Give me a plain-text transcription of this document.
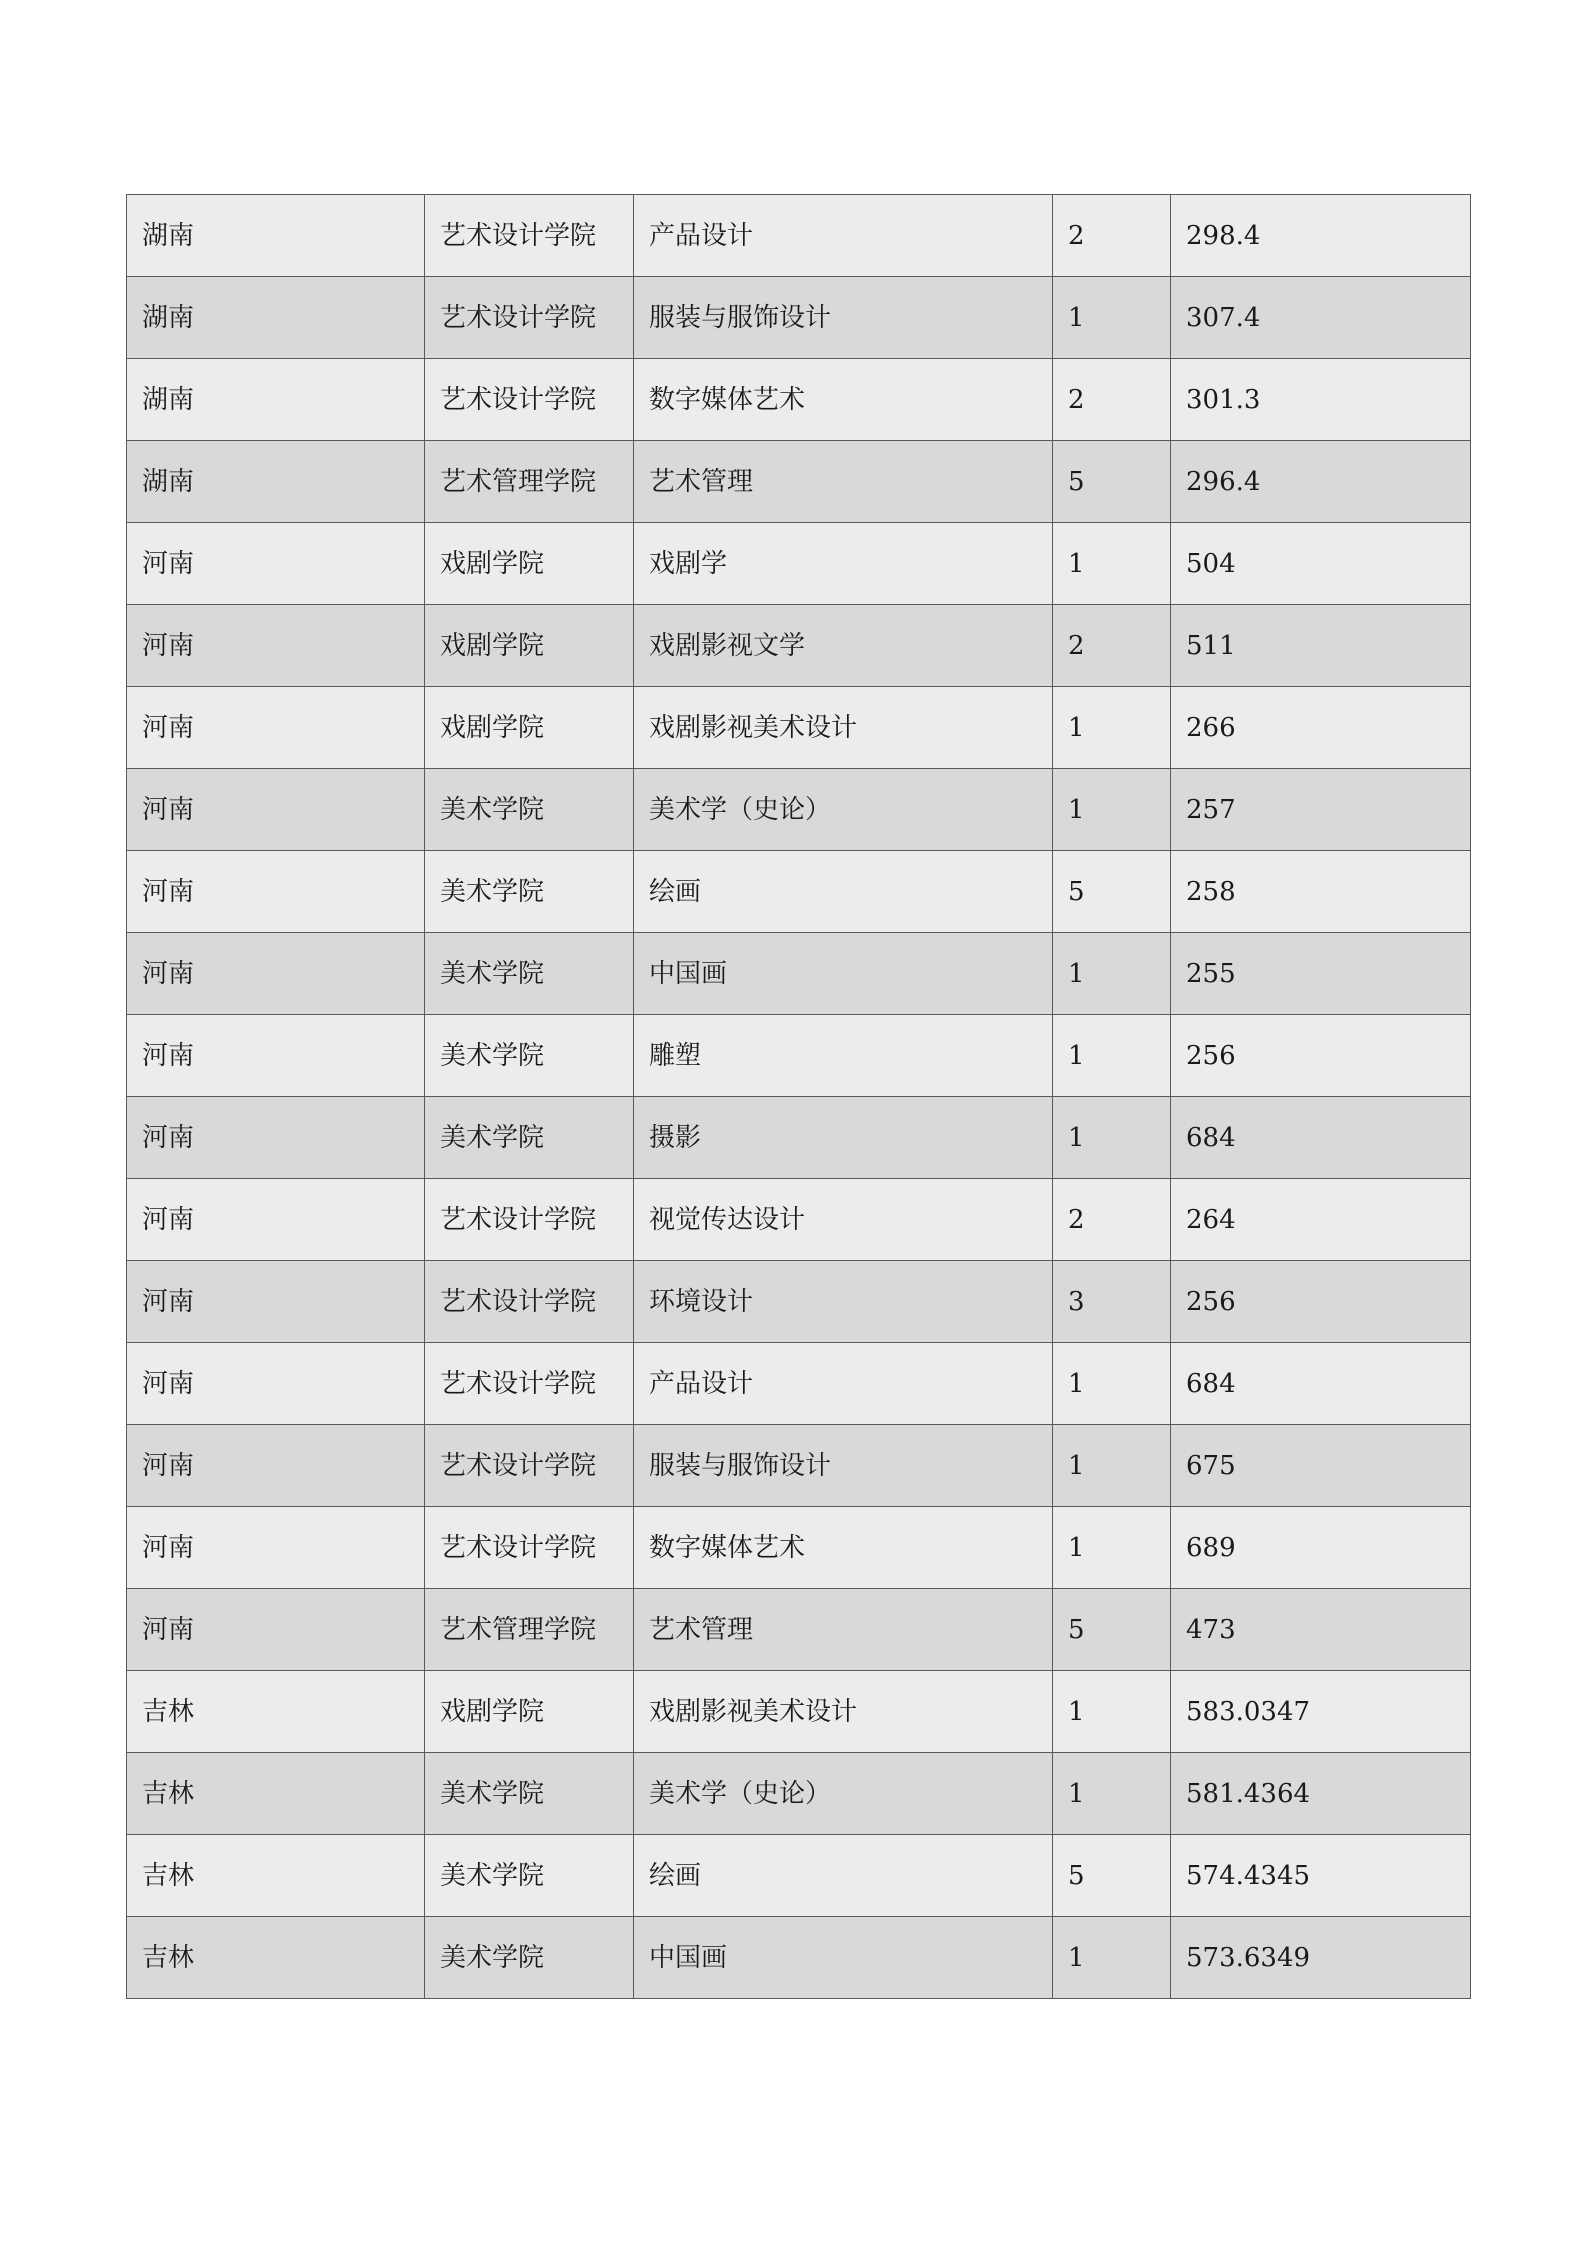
湖南	艺术设计学院	产品设计	2	298.4
湖南	艺术设计学院	服装与服饰设计	1	307.4
湖南	艺术设计学院	数字媒体艺术	2	301.3
湖南	艺术管理学院	艺术管理	5	296.4
河南	戏剧学院	戏剧学	1	504
河南	戏剧学院	戏剧影视文学	2	511
河南	戏剧学院	戏剧影视美术设计	1	266
河南	美术学院	美术学（史论）	1	257
河南	美术学院	绘画	5	258
河南	美术学院	中国画	1	255
河南	美术学院	雕塑	1	256
河南	美术学院	摄影	1	684
河南	艺术设计学院	视觉传达设计	2	264
河南	艺术设计学院	环境设计	3	256
河南	艺术设计学院	产品设计	1	684
河南	艺术设计学院	服装与服饰设计	1	675
河南	艺术设计学院	数字媒体艺术	1	689
河南	艺术管理学院	艺术管理	5	473
吉林	戏剧学院	戏剧影视美术设计	1	583.0347
吉林	美术学院	美术学（史论）	1	581.4364
吉林	美术学院	绘画	5	574.4345
吉林	美术学院	中国画	1	573.6349
